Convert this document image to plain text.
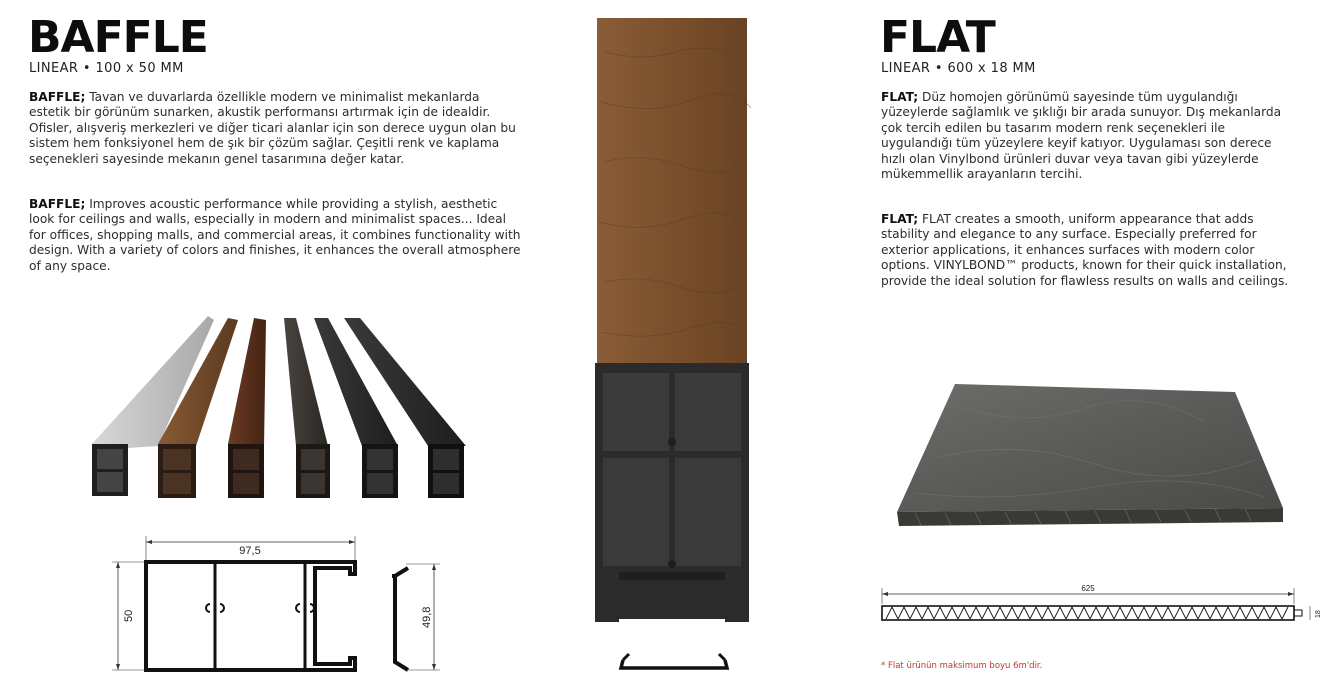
BAFFLE
LINEAR • 100 x 50 MM

BAFFLE; Tavan ve duvarlarda özellikle modern ve minimalist mekanlarda estetik bir görünüm sunarken, akustik performansı artırmak için de idealdir. Ofisler, alışveriş merkezleri ve diğer ticari alanlar için son derece uygun olan bu sistem hem fonksiyonel hem de şık bir çözüm sağlar. Çeşitli renk ve kaplama seçenekleri sayesinde mekanın genel tasarımına değer katar.

BAFFLE; Improves acoustic performance while providing a stylish, aesthetic look for ceilings and walls, especially in modern and minimalist spaces... Ideal for offices, shopping malls, and commercial areas, it combines functionality with design. With a variety of colors and finishes, it enhances the overall atmosphere of any space.

97,5
50	49,8
FLAT
LINEAR • 600 x 18 MM

FLAT; Düz homojen görünümü sayesinde tüm uygulandığı yüzeylerde sağlamlık ve şıklığı bir arada sunuyor. Dış mekanlarda çok tercih edilen bu tasarım modern renk seçenekleri ile uygulandığı tüm yüzeylere keyif katıyor. Uygulaması son derece hızlı olan Vinylbond ürünleri duvar veya tavan gibi yüzeylerde mükemmellik arayanların tercihi.

FLAT; FLAT creates a smooth, uniform appearance that adds stability and elegance to any surface. Especially preferred for exterior applications, it enhances surfaces with modern color options. VINYLBOND™ products, known for their quick installation, provide the ideal solution for flawless results on walls and ceilings.

625
18
* Flat ürünün maksimum boyu 6m'dir.
